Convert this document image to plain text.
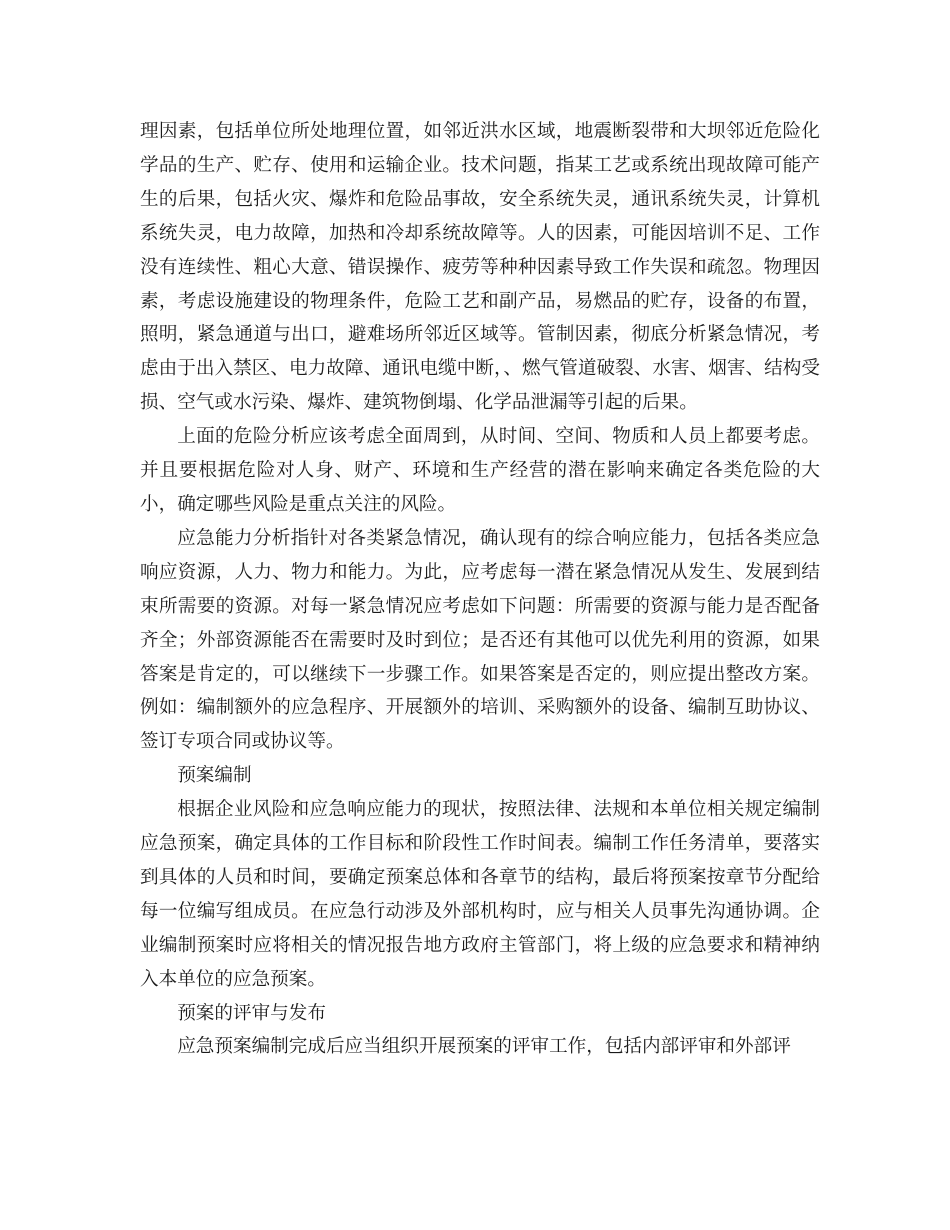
理因素，包括单位所处地理位置，如邻近洪水区域，地震断裂带和大坝邻近危险化学品的生产、贮存、使用和运输企业。技术问题，指某工艺或系统出现故障可能产生的后果，包括火灾、爆炸和危险品事故，安全系统失灵，通讯系统失灵，计算机系统失灵，电力故障，加热和冷却系统故障等。人的因素，可能因培训不足、工作没有连续性、粗心大意、错误操作、疲劳等种种因素导致工作失误和疏忽。物理因素，考虑设施建设的物理条件，危险工艺和副产品，易燃品的贮存，设备的布置，照明，紧急通道与出口，避难场所邻近区域等。管制因素，彻底分析紧急情况，考虑由于出入禁区、电力故障、通讯电缆中断，、燃气管道破裂、水害、烟害、结构受损、空气或水污染、爆炸、建筑物倒塌、化学品泄漏等引起的后果。

上面的危险分析应该考虑全面周到，从时间、空间、物质和人员上都要考虑。并且要根据危险对人身、财产、环境和生产经营的潜在影响来确定各类危险的大小，确定哪些风险是重点关注的风险。

应急能力分析指针对各类紧急情况，确认现有的综合响应能力，包括各类应急响应资源，人力、物力和能力。为此，应考虑每一潜在紧急情况从发生、发展到结束所需要的资源。对每一紧急情况应考虑如下问题：所需要的资源与能力是否配备齐全；外部资源能否在需要时及时到位；是否还有其他可以优先利用的资源，如果答案是肯定的，可以继续下一步骤工作。如果答案是否定的，则应提出整改方案。例如：编制额外的应急程序、开展额外的培训、采购额外的设备、编制互助协议、签订专项合同或协议等。

预案编制

根据企业风险和应急响应能力的现状，按照法律、法规和本单位相关规定编制应急预案，确定具体的工作目标和阶段性工作时间表。编制工作任务清单，要落实到具体的人员和时间，要确定预案总体和各章节的结构，最后将预案按章节分配给每一位编写组成员。在应急行动涉及外部机构时，应与相关人员事先沟通协调。企业编制预案时应将相关的情况报告地方政府主管部门，将上级的应急要求和精神纳入本单位的应急预案。

预案的评审与发布

应急预案编制完成后应当组织开展预案的评审工作，包括内部评审和外部评
